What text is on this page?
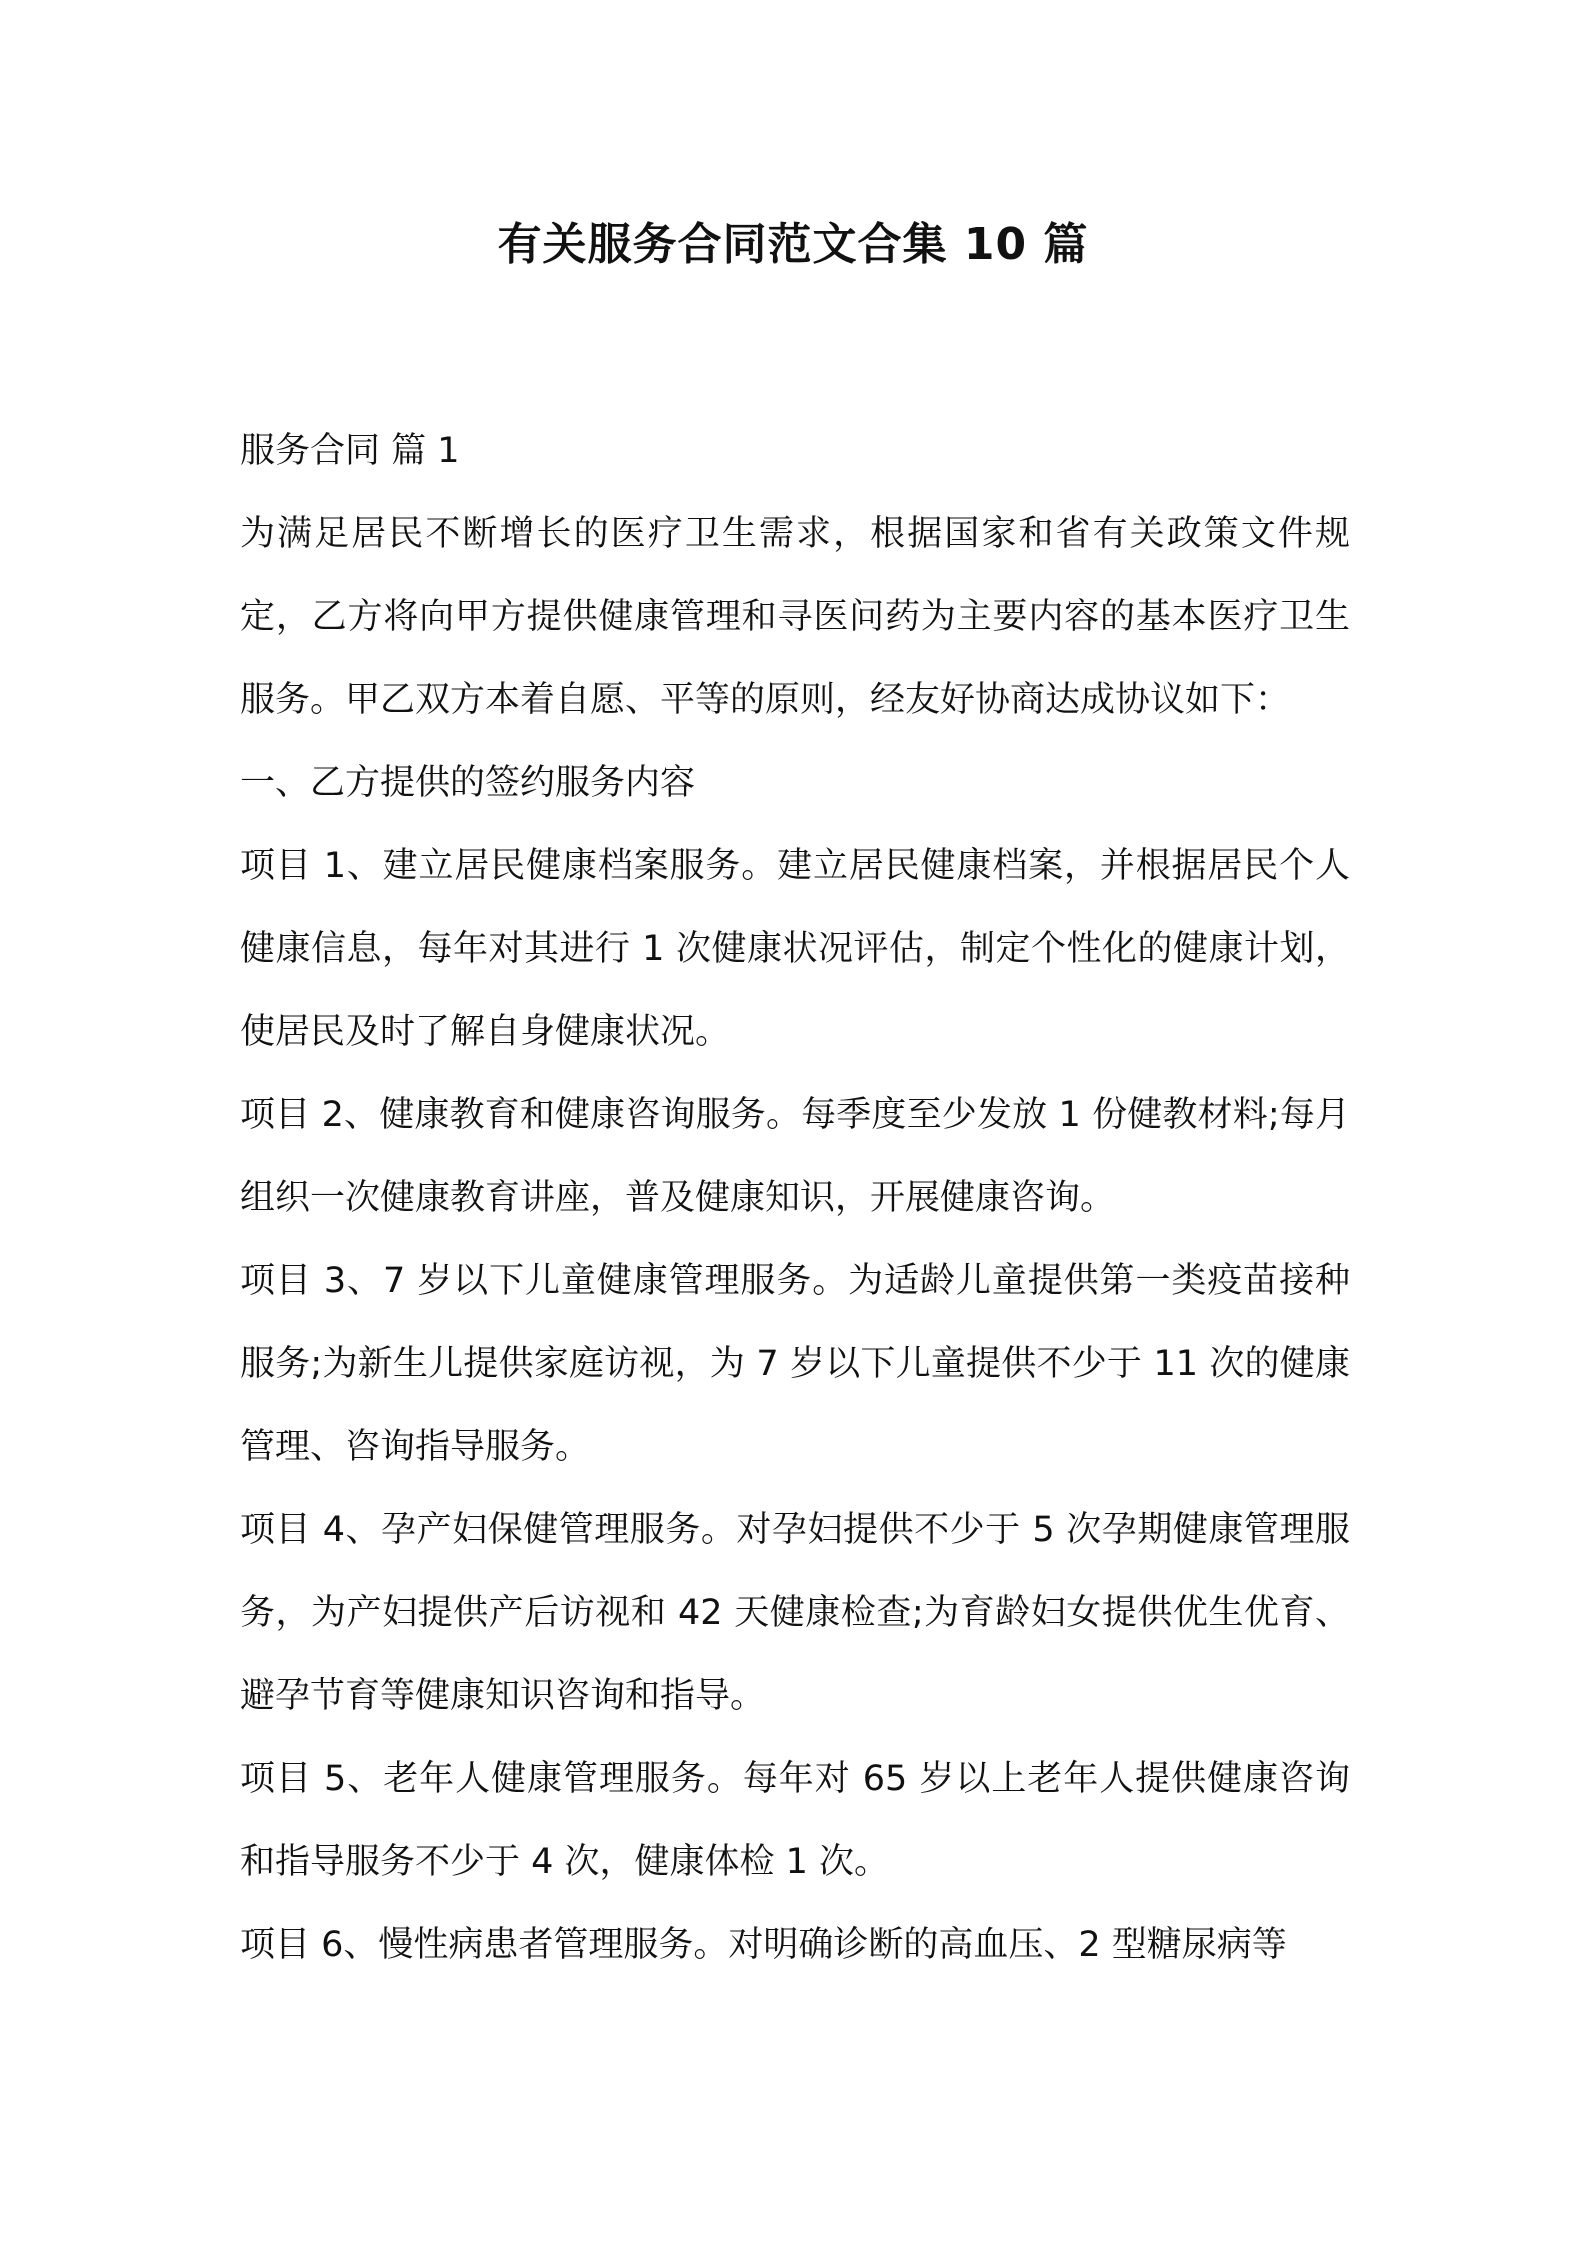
有关服务合同范文合集 10 篇

服务合同 篇 1

为满足居民不断增长的医疗卫生需求，根据国家和省有关政策文件规定，乙方将向甲方提供健康管理和寻医问药为主要内容的基本医疗卫生服务。甲乙双方本着自愿、平等的原则，经友好协商达成协议如下：

一、乙方提供的签约服务内容

项目 1、建立居民健康档案服务。建立居民健康档案，并根据居民个人健康信息，每年对其进行 1 次健康状况评估，制定个性化的健康计划，使居民及时了解自身健康状况。

项目 2、健康教育和健康咨询服务。每季度至少发放 1 份健教材料;每月组织一次健康教育讲座，普及健康知识，开展健康咨询。

项目 3、7 岁以下儿童健康管理服务。为适龄儿童提供第一类疫苗接种服务;为新生儿提供家庭访视，为 7 岁以下儿童提供不少于 11 次的健康管理、咨询指导服务。

项目 4、孕产妇保健管理服务。对孕妇提供不少于 5 次孕期健康管理服务，为产妇提供产后访视和 42 天健康检查;为育龄妇女提供优生优育、避孕节育等健康知识咨询和指导。

项目 5、老年人健康管理服务。每年对 65 岁以上老年人提供健康咨询和指导服务不少于 4 次，健康体检 1 次。

项目 6、慢性病患者管理服务。对明确诊断的高血压、2 型糖尿病等
